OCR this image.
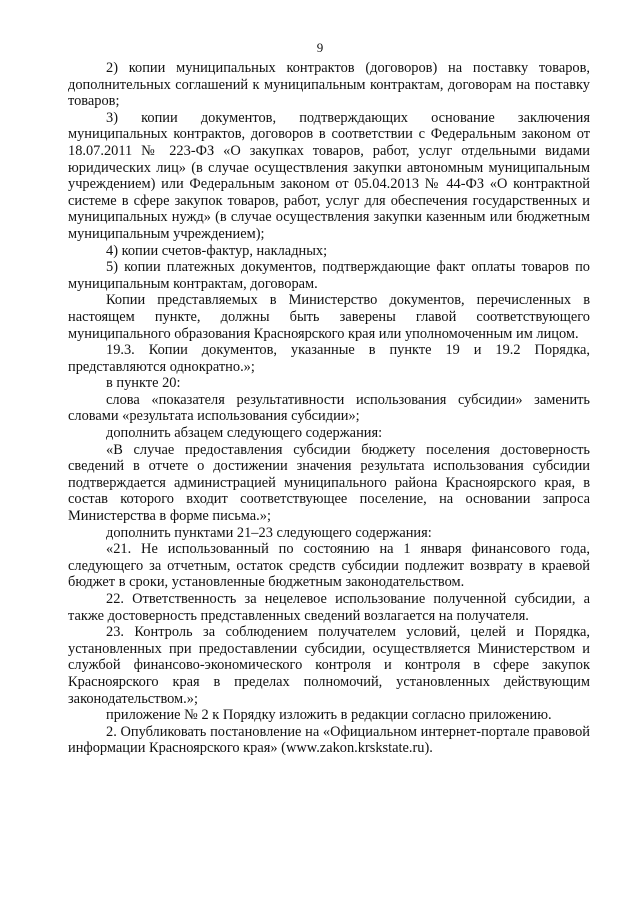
9

2) копии муниципальных контрактов (договоров) на поставку товаров, дополнительных соглашений к муниципальным контрактам, договорам на поставку товаров;

3) копии документов, подтверждающих основание заключения муниципальных контрактов, договоров в соответствии с Федеральным законом от 18.07.2011 № 223-ФЗ «О закупках товаров, работ, услуг отдельными видами юридических лиц» (в случае осуществления закупки автономным муниципальным учреждением) или Федеральным законом от 05.04.2013 № 44-ФЗ «О контрактной системе в сфере закупок товаров, работ, услуг для обеспечения государственных и муниципальных нужд» (в случае осуществления закупки казенным или бюджетным муниципальным учреждением);

4) копии счетов-фактур, накладных;

5) копии платежных документов, подтверждающие факт оплаты товаров по муниципальным контрактам, договорам.

Копии представляемых в Министерство документов, перечисленных в настоящем пункте, должны быть заверены главой соответствующего муниципального образования Красноярского края или уполномоченным им лицом.

19.3. Копии документов, указанные в пункте 19 и 19.2 Порядка, представляются однократно.»;

в пункте 20:

слова «показателя результативности использования субсидии» заменить словами «результата использования субсидии»;

дополнить абзацем следующего содержания:

«В случае предоставления субсидии бюджету поселения достоверность сведений в отчете о достижении значения результата использования субсидии подтверждается администрацией муниципального района Красноярского края, в состав которого входит соответствующее поселение, на основании запроса Министерства в форме письма.»;

дополнить пунктами 21–23 следующего содержания:

«21. Не использованный по состоянию на 1 января финансового года, следующего за отчетным, остаток средств субсидии подлежит возврату в краевой бюджет в сроки, установленные бюджетным законодательством.

22. Ответственность за нецелевое использование полученной субсидии, а также достоверность представленных сведений возлагается на получателя.

23. Контроль за соблюдением получателем условий, целей и Порядка, установленных при предоставлении субсидии, осуществляется Министерством и службой финансово-экономического контроля и контроля в сфере закупок Красноярского края в пределах полномочий, установленных действующим законодательством.»;

приложение № 2 к Порядку изложить в редакции согласно приложению.

2. Опубликовать постановление на «Официальном интернет-портале правовой информации Красноярского края» (www.zakon.krskstate.ru).
